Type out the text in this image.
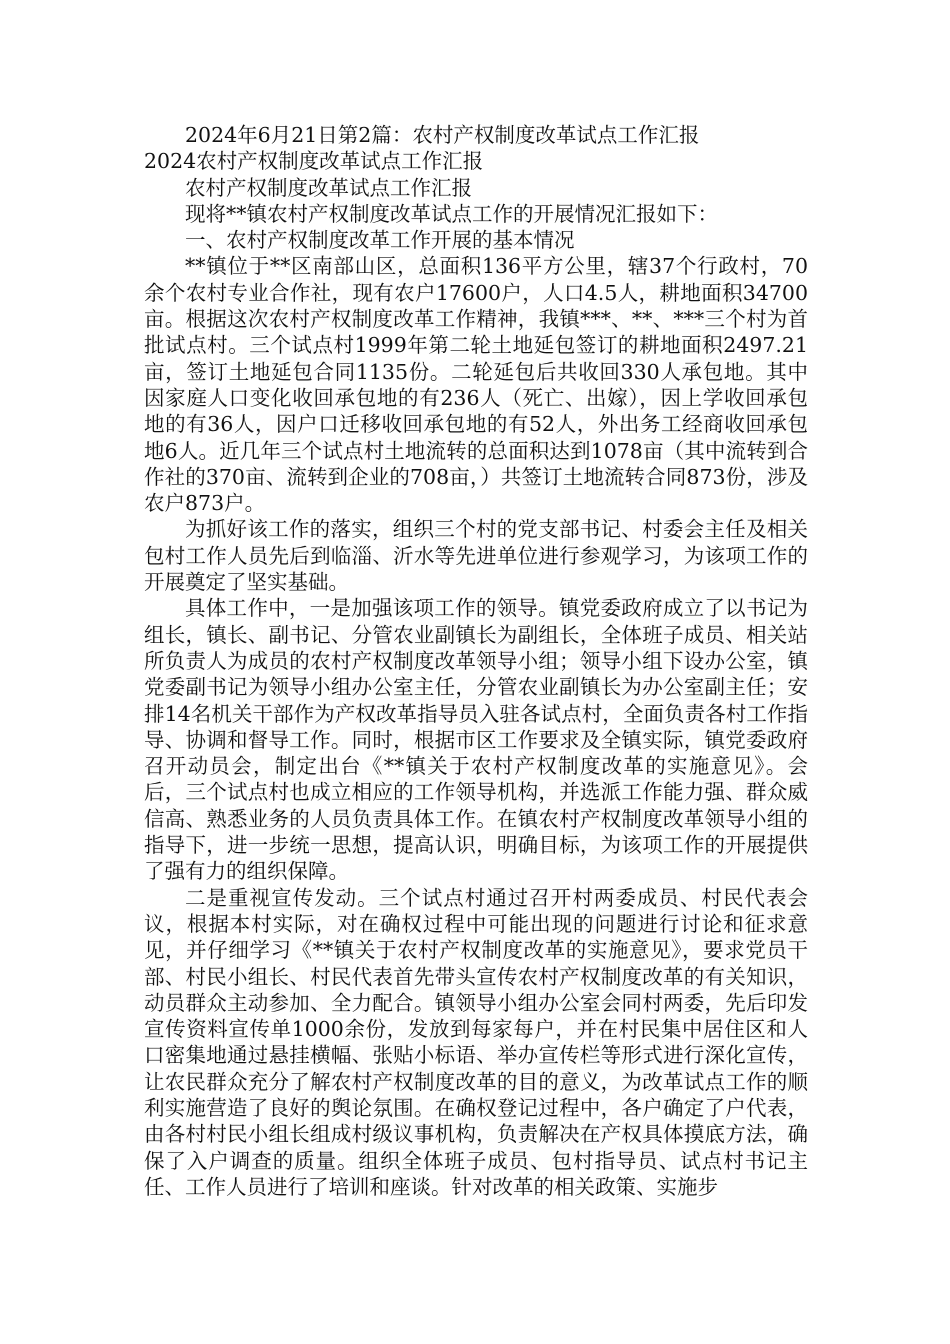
2024年6月21日第2篇：农村产权制度改革试点工作汇报

2024农村产权制度改革试点工作汇报

农村产权制度改革试点工作汇报

现将**镇农村产权制度改革试点工作的开展情况汇报如下：

一、农村产权制度改革工作开展的基本情况

**镇位于**区南部山区，总面积136平方公里，辖37个行政村，70余个农村专业合作社，现有农户17600户，人口4.5人，耕地面积34700亩。根据这次农村产权制度改革工作精神，我镇***、**、***三个村为首批试点村。三个试点村1999年第二轮土地延包签订的耕地面积2497.21亩，签订土地延包合同1135份。二轮延包后共收回330人承包地。其中因家庭人口变化收回承包地的有236人（死亡、出嫁），因上学收回承包地的有36人，因户口迁移收回承包地的有52人，外出务工经商收回承包地6人。近几年三个试点村土地流转的总面积达到1078亩（其中流转到合作社的370亩、流转到企业的708亩，）共签订土地流转合同873份，涉及农户873户。

为抓好该工作的落实，组织三个村的党支部书记、村委会主任及相关包村工作人员先后到临淄、沂水等先进单位进行参观学习，为该项工作的开展奠定了坚实基础。

具体工作中，一是加强该项工作的领导。镇党委政府成立了以书记为组长，镇长、副书记、分管农业副镇长为副组长，全体班子成员、相关站所负责人为成员的农村产权制度改革领导小组；领导小组下设办公室，镇党委副书记为领导小组办公室主任，分管农业副镇长为办公室副主任；安排14名机关干部作为产权改革指导员入驻各试点村，全面负责各村工作指导、协调和督导工作。同时，根据市区工作要求及全镇实际，镇党委政府召开动员会，制定出台《**镇关于农村产权制度改革的实施意见》。会后，三个试点村也成立相应的工作领导机构，并选派工作能力强、群众威信高、熟悉业务的人员负责具体工作。在镇农村产权制度改革领导小组的指导下，进一步统一思想，提高认识，明确目标，为该项工作的开展提供了强有力的组织保障。

二是重视宣传发动。三个试点村通过召开村两委成员、村民代表会议，根据本村实际，对在确权过程中可能出现的问题进行讨论和征求意见，并仔细学习《**镇关于农村产权制度改革的实施意见》，要求党员干部、村民小组长、村民代表首先带头宣传农村产权制度改革的有关知识，动员群众主动参加、全力配合。镇领导小组办公室会同村两委，先后印发宣传资料宣传单1000余份，发放到每家每户，并在村民集中居住区和人口密集地通过悬挂横幅、张贴小标语、举办宣传栏等形式进行深化宣传，让农民群众充分了解农村产权制度改革的目的意义，为改革试点工作的顺利实施营造了良好的舆论氛围。在确权登记过程中，各户确定了户代表，由各村村民小组长组成村级议事机构，负责解决在产权具体摸底方法，确保了入户调查的质量。组织全体班子成员、包村指导员、试点村书记主任、工作人员进行了培训和座谈。针对改革的相关政策、实施步
